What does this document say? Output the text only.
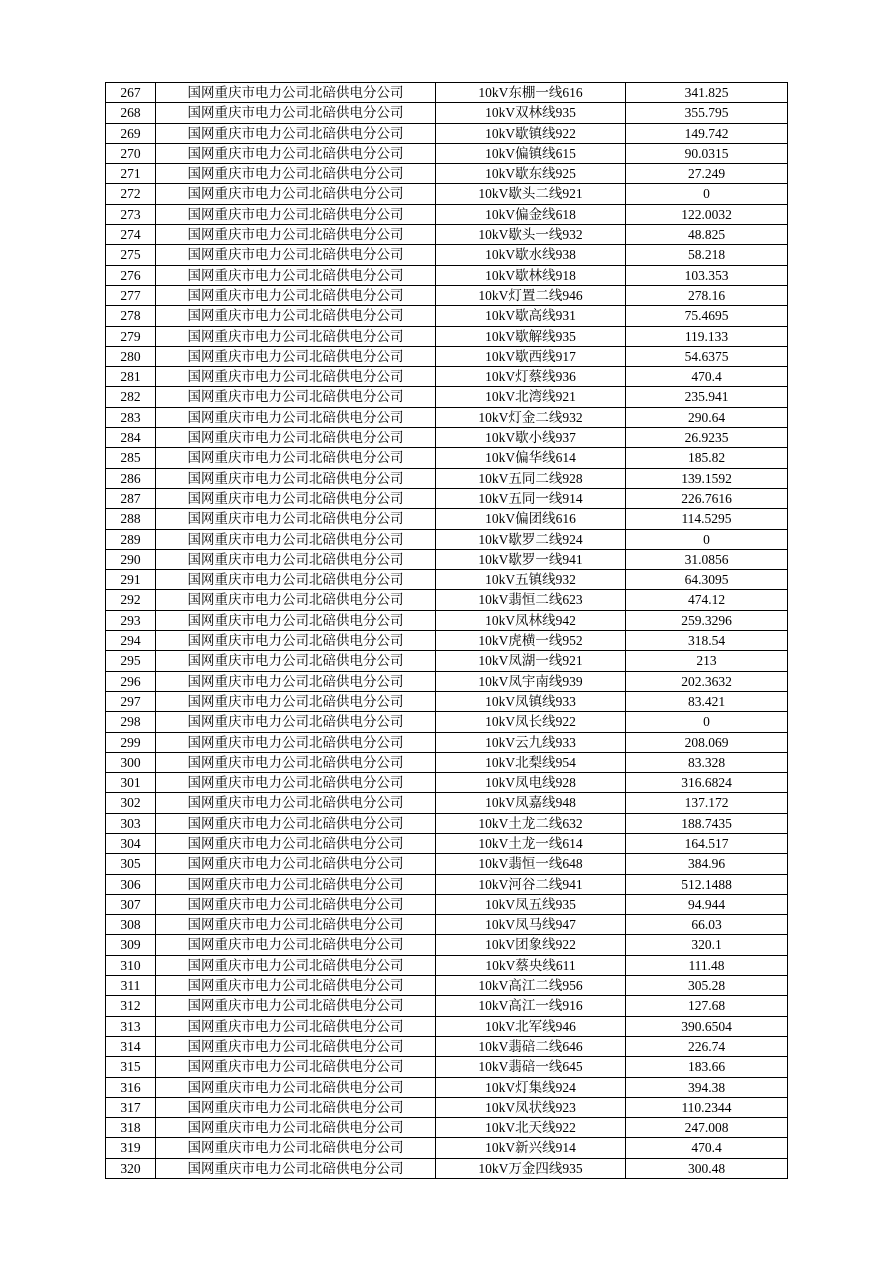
267	国网重庆市电力公司北碚供电分公司	10kV东棚一线616	341.825
268	国网重庆市电力公司北碚供电分公司	10kV双林线935	355.795
269	国网重庆市电力公司北碚供电分公司	10kV歇镇线922	149.742
270	国网重庆市电力公司北碚供电分公司	10kV偏镇线615	90.0315
271	国网重庆市电力公司北碚供电分公司	10kV歇东线925	27.249
272	国网重庆市电力公司北碚供电分公司	10kV歇头二线921	0
273	国网重庆市电力公司北碚供电分公司	10kV偏金线618	122.0032
274	国网重庆市电力公司北碚供电分公司	10kV歇头一线932	48.825
275	国网重庆市电力公司北碚供电分公司	10kV歇水线938	58.218
276	国网重庆市电力公司北碚供电分公司	10kV歇林线918	103.353
277	国网重庆市电力公司北碚供电分公司	10kV灯置二线946	278.16
278	国网重庆市电力公司北碚供电分公司	10kV歇高线931	75.4695
279	国网重庆市电力公司北碚供电分公司	10kV歇解线935	119.133
280	国网重庆市电力公司北碚供电分公司	10kV歇西线917	54.6375
281	国网重庆市电力公司北碚供电分公司	10kV灯蔡线936	470.4
282	国网重庆市电力公司北碚供电分公司	10kV北湾线921	235.941
283	国网重庆市电力公司北碚供电分公司	10kV灯金二线932	290.64
284	国网重庆市电力公司北碚供电分公司	10kV歇小线937	26.9235
285	国网重庆市电力公司北碚供电分公司	10kV偏华线614	185.82
286	国网重庆市电力公司北碚供电分公司	10kV五同二线928	139.1592
287	国网重庆市电力公司北碚供电分公司	10kV五同一线914	226.7616
288	国网重庆市电力公司北碚供电分公司	10kV偏团线616	114.5295
289	国网重庆市电力公司北碚供电分公司	10kV歇罗二线924	0
290	国网重庆市电力公司北碚供电分公司	10kV歇罗一线941	31.0856
291	国网重庆市电力公司北碚供电分公司	10kV五镇线932	64.3095
292	国网重庆市电力公司北碚供电分公司	10kV翡恒二线623	474.12
293	国网重庆市电力公司北碚供电分公司	10kV凤林线942	259.3296
294	国网重庆市电力公司北碚供电分公司	10kV虎横一线952	318.54
295	国网重庆市电力公司北碚供电分公司	10kV凤湖一线921	213
296	国网重庆市电力公司北碚供电分公司	10kV凤宇南线939	202.3632
297	国网重庆市电力公司北碚供电分公司	10kV凤镇线933	83.421
298	国网重庆市电力公司北碚供电分公司	10kV凤长线922	0
299	国网重庆市电力公司北碚供电分公司	10kV云九线933	208.069
300	国网重庆市电力公司北碚供电分公司	10kV北梨线954	83.328
301	国网重庆市电力公司北碚供电分公司	10kV凤电线928	316.6824
302	国网重庆市电力公司北碚供电分公司	10kV凤嘉线948	137.172
303	国网重庆市电力公司北碚供电分公司	10kV土龙二线632	188.7435
304	国网重庆市电力公司北碚供电分公司	10kV土龙一线614	164.517
305	国网重庆市电力公司北碚供电分公司	10kV翡恒一线648	384.96
306	国网重庆市电力公司北碚供电分公司	10kV河谷二线941	512.1488
307	国网重庆市电力公司北碚供电分公司	10kV凤五线935	94.944
308	国网重庆市电力公司北碚供电分公司	10kV凤马线947	66.03
309	国网重庆市电力公司北碚供电分公司	10kV团象线922	320.1
310	国网重庆市电力公司北碚供电分公司	10kV蔡央线611	111.48
311	国网重庆市电力公司北碚供电分公司	10kV高江二线956	305.28
312	国网重庆市电力公司北碚供电分公司	10kV高江一线916	127.68
313	国网重庆市电力公司北碚供电分公司	10kV北军线946	390.6504
314	国网重庆市电力公司北碚供电分公司	10kV翡碚二线646	226.74
315	国网重庆市电力公司北碚供电分公司	10kV翡碚一线645	183.66
316	国网重庆市电力公司北碚供电分公司	10kV灯集线924	394.38
317	国网重庆市电力公司北碚供电分公司	10kV凤状线923	110.2344
318	国网重庆市电力公司北碚供电分公司	10kV北天线922	247.008
319	国网重庆市电力公司北碚供电分公司	10kV新兴线914	470.4
320	国网重庆市电力公司北碚供电分公司	10kV万金四线935	300.48
